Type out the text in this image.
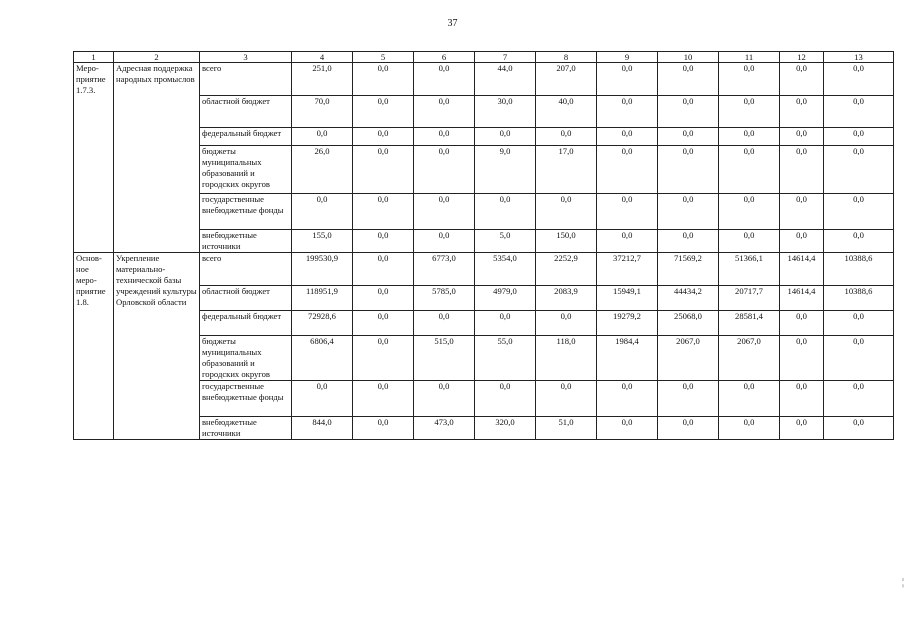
37
¦
1	2	3	4	5	6	7	8	9	10	11	12	13
Меро-приятие 1.7.3.	Адресная поддержка народных промыслов	всего	251,0	0,0	0,0	44,0	207,0	0,0	0,0	0,0	0,0	0,0
		областной бюджет	70,0	0,0	0,0	30,0	40,0	0,0	0,0	0,0	0,0	0,0
		федеральный бюджет	0,0	0,0	0,0	0,0	0,0	0,0	0,0	0,0	0,0	0,0
		бюджеты муниципальных образований и городских округов	26,0	0,0	0,0	9,0	17,0	0,0	0,0	0,0	0,0	0,0
		государственные внебюджетные фонды	0,0	0,0	0,0	0,0	0,0	0,0	0,0	0,0	0,0	0,0
		внебюджетные источники	155,0	0,0	0,0	5,0	150,0	0,0	0,0	0,0	0,0	0,0
Основ-ное меро-приятие 1.8.	Укрепление материально-технической базы учреждений культуры Орловской области	всего	199530,9	0,0	6773,0	5354,0	2252,9	37212,7	71569,2	51366,1	14614,4	10388,6
		областной бюджет	118951,9	0,0	5785,0	4979,0	2083,9	15949,1	44434,2	20717,7	14614,4	10388,6
		федеральный бюджет	72928,6	0,0	0,0	0,0	0,0	19279,2	25068,0	28581,4	0,0	0,0
		бюджеты муниципальных образований и городских округов	6806,4	0,0	515,0	55,0	118,0	1984,4	2067,0	2067,0	0,0	0,0
		государственные внебюджетные фонды	0,0	0,0	0,0	0,0	0,0	0,0	0,0	0,0	0,0	0,0
		внебюджетные источники	844,0	0,0	473,0	320,0	51,0	0,0	0,0	0,0	0,0	0,0
